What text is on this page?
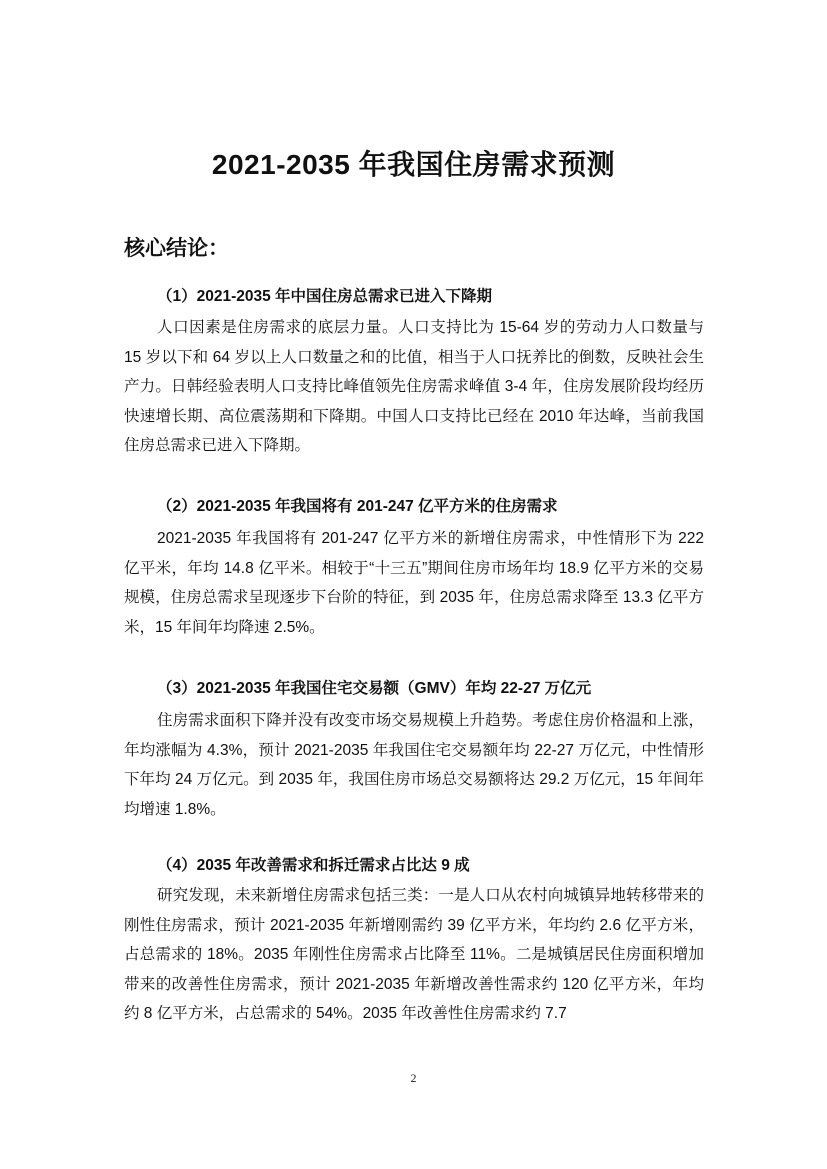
2021-2035 年我国住房需求预测
核心结论：
（1）2021-2035 年中国住房总需求已进入下降期

人口因素是住房需求的底层力量。人口支持比为 15-64 岁的劳动力人口数量与 15 岁以下和 64 岁以上人口数量之和的比值，相当于人口抚养比的倒数，反映社会生产力。日韩经验表明人口支持比峰值领先住房需求峰值 3-4 年，住房发展阶段均经历快速增长期、高位震荡期和下降期。中国人口支持比已经在 2010 年达峰，当前我国住房总需求已进入下降期。

（2）2021-2035 年我国将有 201-247 亿平方米的住房需求

2021-2035 年我国将有 201-247 亿平方米的新增住房需求，中性情形下为 222 亿平米，年均 14.8 亿平米。相较于“十三五”期间住房市场年均 18.9 亿平方米的交易规模，住房总需求呈现逐步下台阶的特征，到 2035 年，住房总需求降至 13.3 亿平方米，15 年间年均降速 2.5%。

（3）2021-2035 年我国住宅交易额（GMV）年均 22-27 万亿元

住房需求面积下降并没有改变市场交易规模上升趋势。考虑住房价格温和上涨，年均涨幅为 4.3%，预计 2021-2035 年我国住宅交易额年均 22-27 万亿元，中性情形下年均 24 万亿元。到 2035 年，我国住房市场总交易额将达 29.2 万亿元，15 年间年均增速 1.8%。

（4）2035 年改善需求和拆迁需求占比达 9 成

研究发现，未来新增住房需求包括三类：一是人口从农村向城镇异地转移带来的刚性住房需求，预计 2021-2035 年新增刚需约 39 亿平方米，年均约 2.6 亿平方米，占总需求的 18%。2035 年刚性住房需求占比降至 11%。二是城镇居民住房面积增加带来的改善性住房需求，预计 2021-2035 年新增改善性需求约 120 亿平方米，年均约 8 亿平方米，占总需求的 54%。2035 年改善性住房需求约 7.7

2
